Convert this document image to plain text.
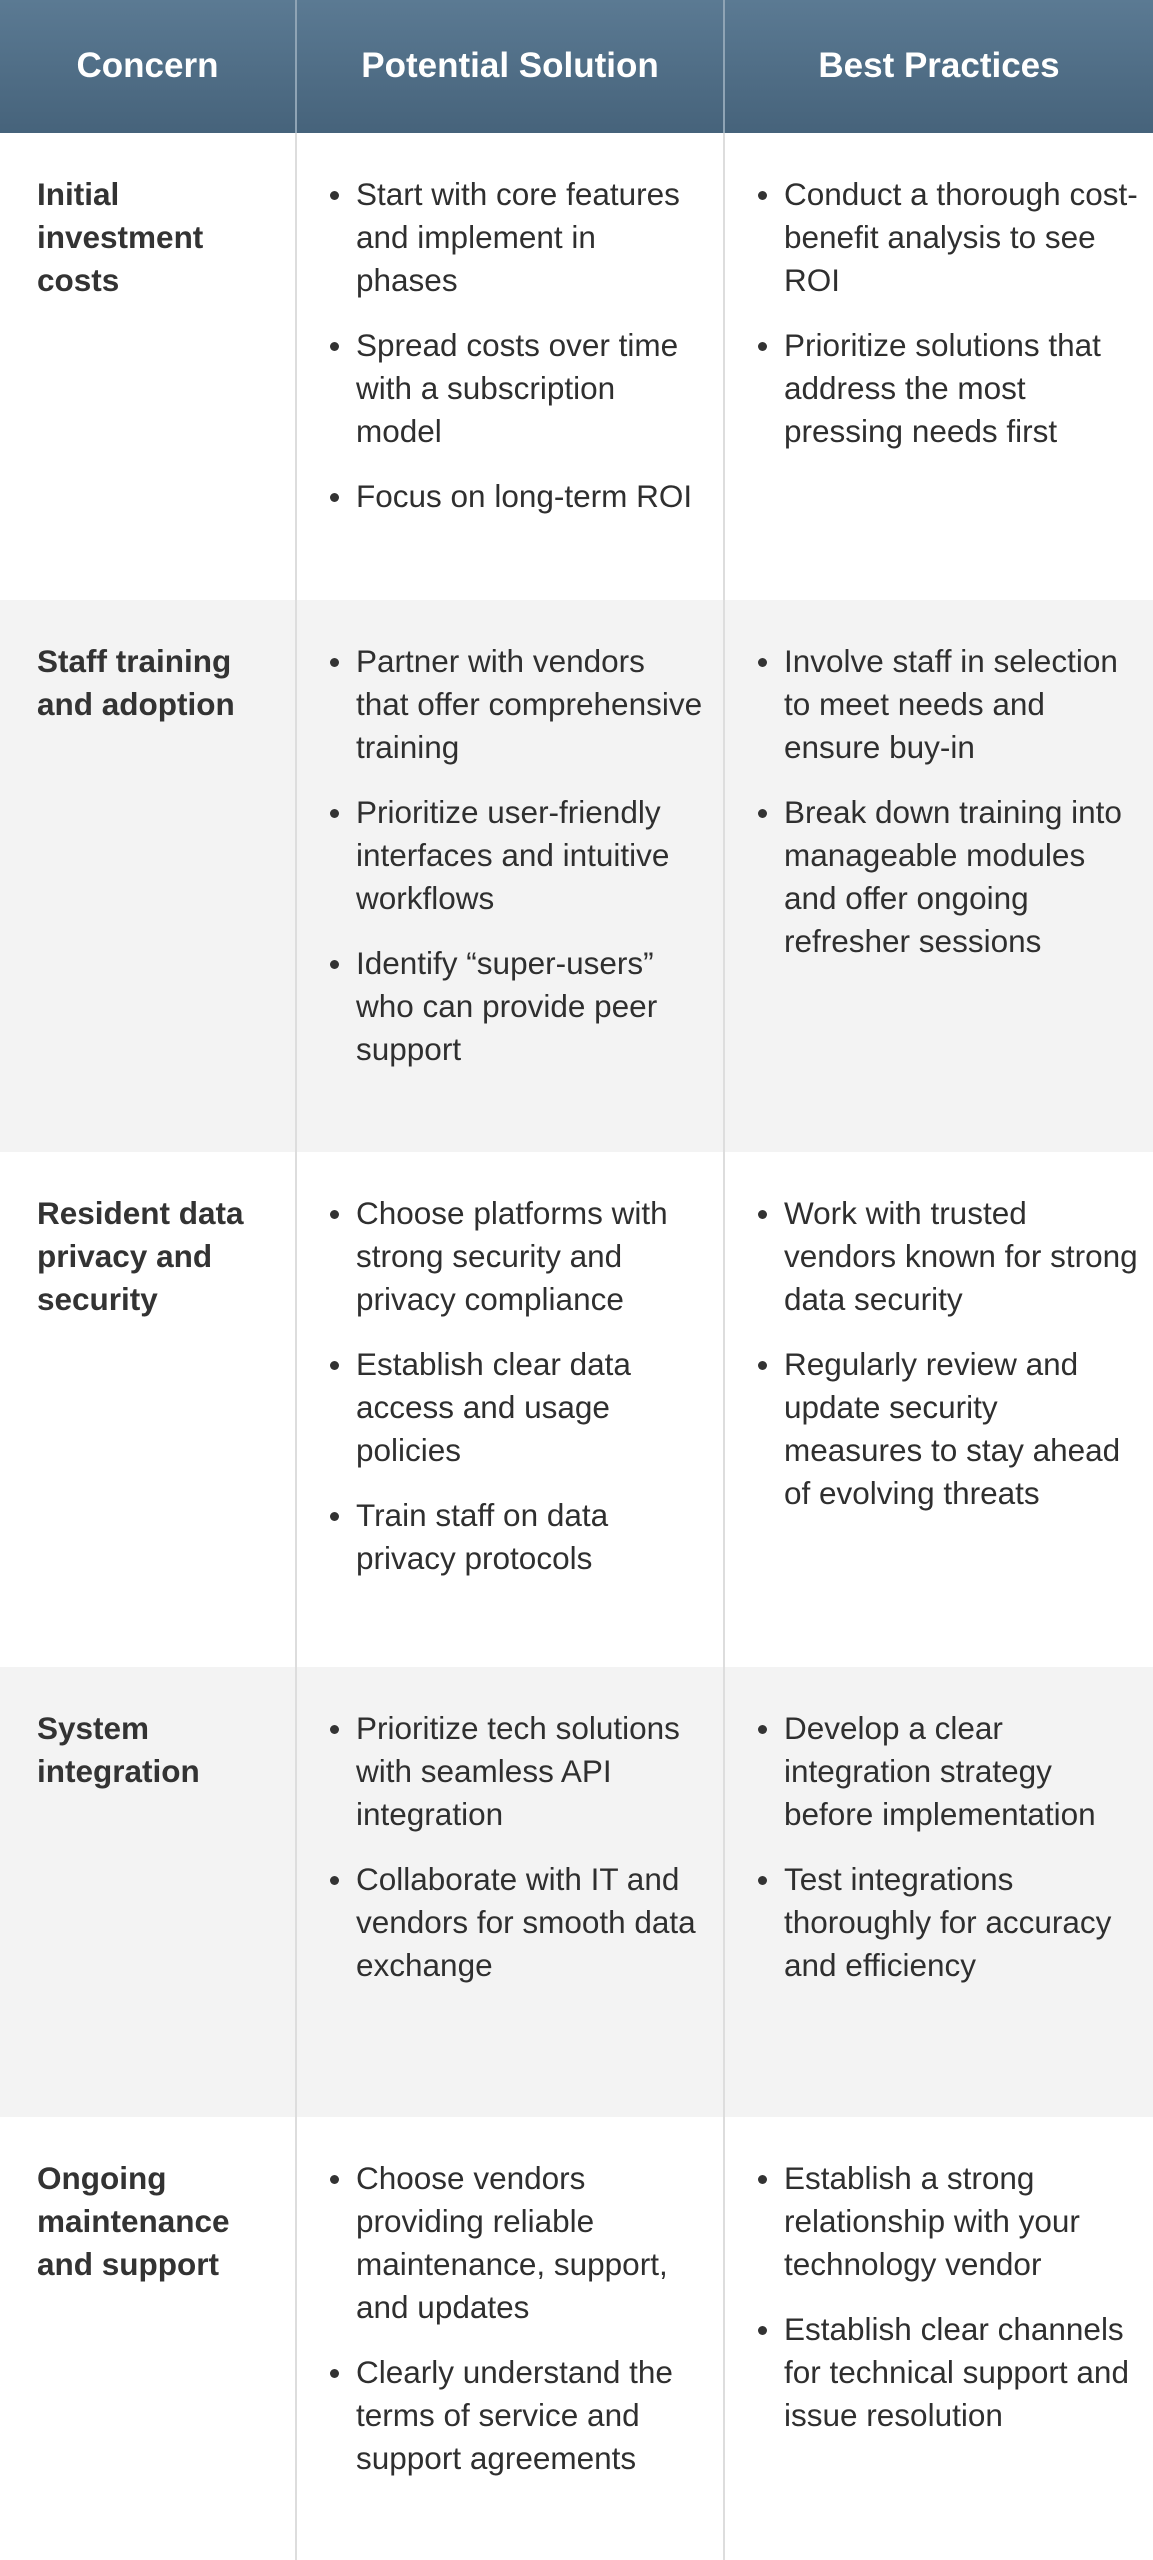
Concern	Potential Solution	Best Practices
Initial investment costs
Start with core features and implement in phases
Spread costs over time with a subscription model
Focus on long-term ROI
Conduct a thorough cost-benefit analysis to see ROI
Prioritize solutions that address the most pressing needs first
Staff training and adoption
Partner with vendors that offer comprehensive training
Prioritize user-friendly interfaces and intuitive workflows
Identify “super-users” who can provide peer support
Involve staff in selection to meet needs and ensure buy-in
Break down training into manageable modules and offer ongoing refresher sessions
Resident data privacy and security
Choose platforms with strong security and privacy compliance
Establish clear data access and usage policies
Train staff on data privacy protocols
Work with trusted vendors known for strong data security
Regularly review and update security measures to stay ahead of evolving threats
System integration
Prioritize tech solutions with seamless API integration
Collaborate with IT and vendors for smooth data exchange
Develop a clear integration strategy before implementation
Test integrations thoroughly for accuracy and efficiency
Ongoing maintenance and support
Choose vendors providing reliable maintenance, support, and updates
Clearly understand the terms of service and support agreements
Establish a strong relationship with your technology vendor
Establish clear channels for technical support and issue resolution
